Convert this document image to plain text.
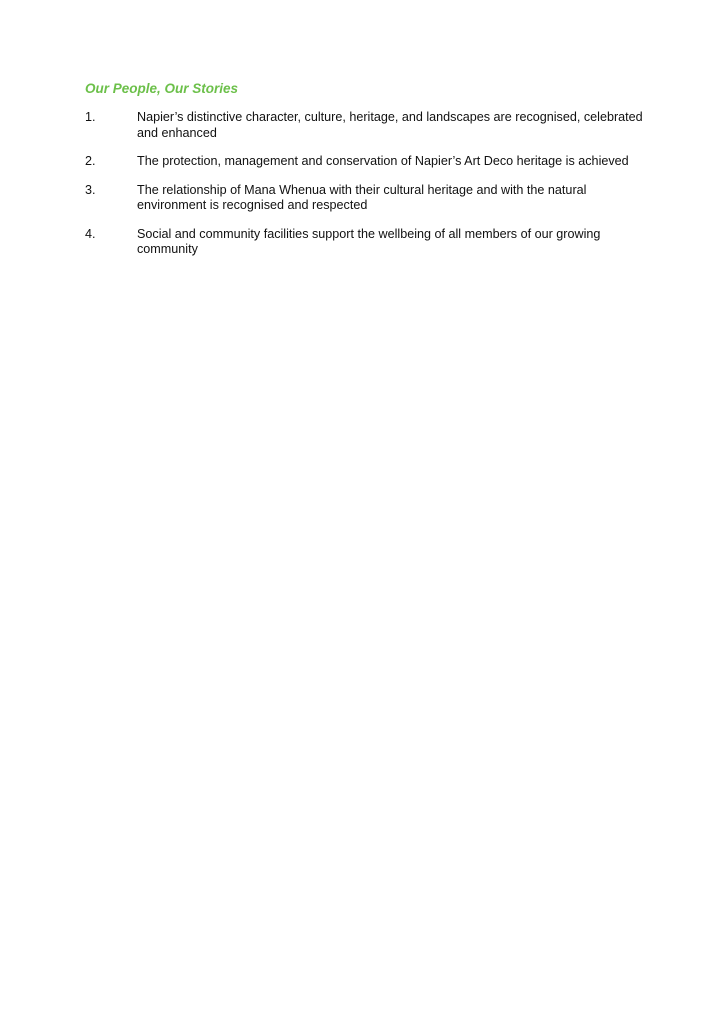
Our People, Our Stories
1.	Napier’s distinctive character, culture, heritage, and landscapes are recognised, celebrated and enhanced
2.	The protection, management and conservation of Napier’s Art Deco heritage is achieved
3.	The relationship of Mana Whenua with their cultural heritage and with the natural environment is recognised and respected
4.	Social and community facilities support the wellbeing of all members of our growing community
